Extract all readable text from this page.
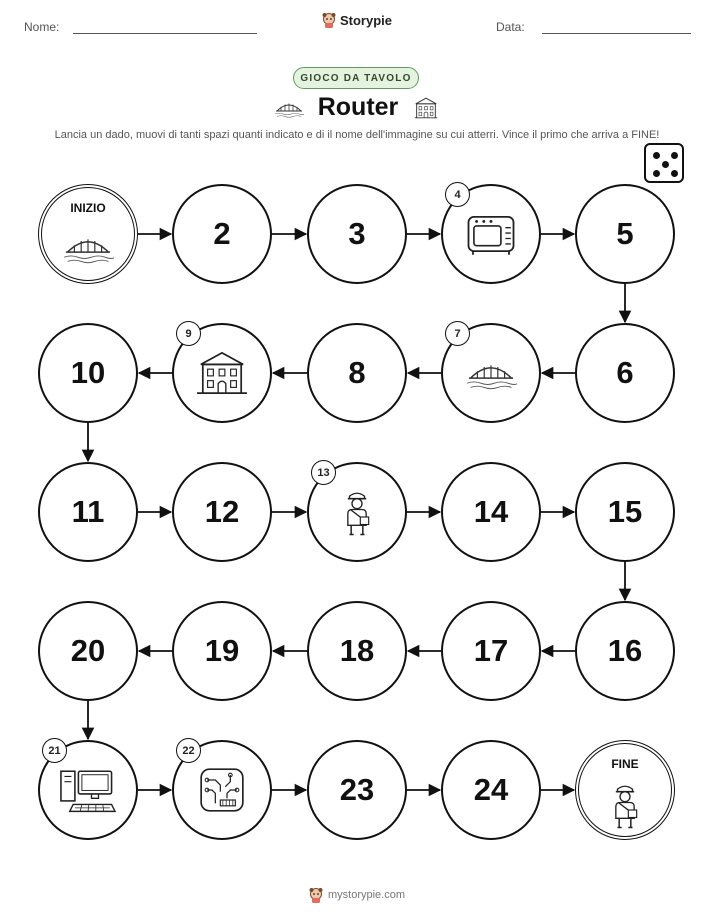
Nome:	Data:
Storypie
GIOCO DA TAVOLO
Router

Lancia un dado, muovi di tanti spazi quanti indicato e di il nome dell'immagine su cui atterri. Vince il primo che arriva a FINE!

INIZIO
2	3
4
5
6
7
8
9
10
11	12
13
14	15
16
17
18
19
20
21	22
23	24
FINE
mystorypie.com
